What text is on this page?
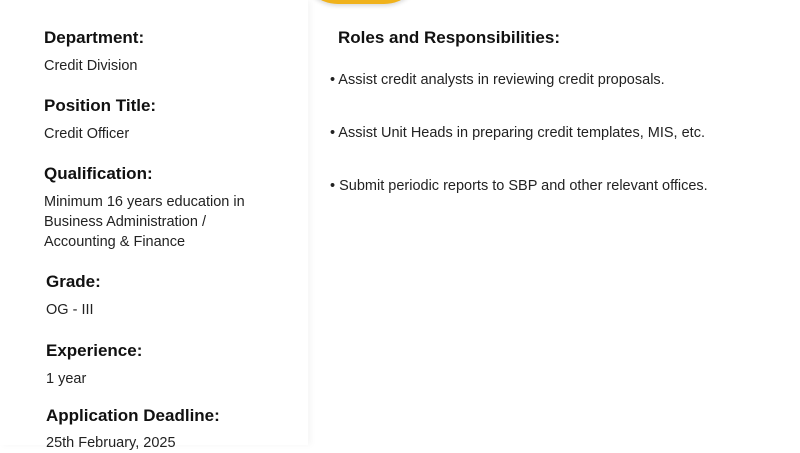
Department:
Credit Division
Position Title:
Credit Officer
Qualification:
Minimum 16 years education in
Business Administration /
Accounting & Finance
Grade:
OG - III
Experience:
1 year
Application Deadline:
25th February, 2025
Roles and Responsibilities:
• Assist credit analysts in reviewing credit proposals.
• Assist Unit Heads in preparing credit templates, MIS, etc.
• Submit periodic reports to SBP and other relevant offices.
